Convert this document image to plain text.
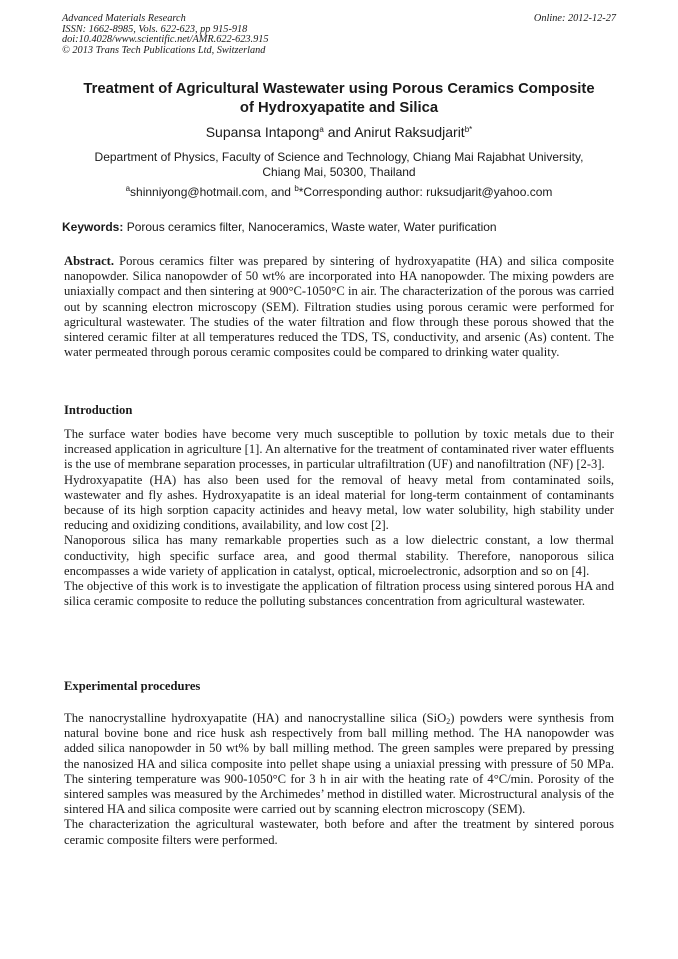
Advanced Materials Research
ISSN: 1662-8985, Vols. 622-623, pp 915-918
doi:10.4028/www.scientific.net/AMR.622-623.915
© 2013 Trans Tech Publications Ltd, Switzerland
Online: 2012-12-27
Treatment of Agricultural Wastewater using Porous Ceramics Composite
of Hydroxyapatite and Silica
Supansa Intapong$^a$ and Anirut Raksudjarit$^{b*}$
Department of Physics, Faculty of Science and Technology, Chiang Mai Rajabhat University,
Chiang Mai, 50300, Thailand
$^a$shinniyong@hotmail.com, and $^b$*Corresponding author: ruksudjarit@yahoo.com
Keywords: Porous ceramics filter, Nanoceramics, Waste water, Water purification
Abstract. Porous ceramics filter was prepared by sintering of hydroxyapatite (HA) and silica composite nanopowder. Silica nanopowder of 50 wt% are incorporated into HA nanopowder. The mixing powders are uniaxially compact and then sintering at 900°C-1050°C in air. The characterization of the porous was carried out by scanning electron microscopy (SEM). Filtration studies using porous ceramic were performed for agricultural wastewater. The studies of the water filtration and flow through these porous showed that the sintered ceramic filter at all temperatures reduced the TDS, TS, conductivity, and arsenic (As) content. The water permeated through porous ceramic composites could be compared to drinking water quality.
Introduction
The surface water bodies have become very much susceptible to pollution by toxic metals due to their increased application in agriculture [1]. An alternative for the treatment of contaminated river water effluents is the use of membrane separation processes, in particular ultrafiltration (UF) and nanofiltration (NF) [2-3].
Hydroxyapatite (HA) has also been used for the removal of heavy metal from contaminated soils, wastewater and fly ashes. Hydroxyapatite is an ideal material for long-term containment of contaminants because of its high sorption capacity actinides and heavy metal, low water solubility, high stability under reducing and oxidizing conditions, availability, and low cost [2].
Nanoporous silica has many remarkable properties such as a low dielectric constant, a low thermal conductivity, high specific surface area, and good thermal stability. Therefore, nanoporous silica encompasses a wide variety of application in catalyst, optical, microelectronic, adsorption and so on [4].
The objective of this work is to investigate the application of filtration process using sintered porous HA and silica ceramic composite to reduce the polluting substances concentration from agricultural wastewater.
Experimental procedures
The nanocrystalline hydroxyapatite (HA) and nanocrystalline silica (SiO$_2$) powders were synthesis from natural bovine bone and rice husk ash respectively from ball milling method. The HA nanopowder was added silica nanopowder in 50 wt% by ball milling method. The green samples were prepared by pressing the nanosized HA and silica composite into pellet shape using a uniaxial pressing with pressure of 50 MPa. The sintering temperature was 900-1050°C for 3 h in air with the heating rate of 4°C/min. Porosity of the sintered samples was measured by the Archimedes’ method in distilled water. Microstructural analysis of the sintered HA and silica composite were carried out by scanning electron microscopy (SEM).
The characterization the agricultural wastewater, both before and after the treatment by sintered porous ceramic composite filters were performed.
